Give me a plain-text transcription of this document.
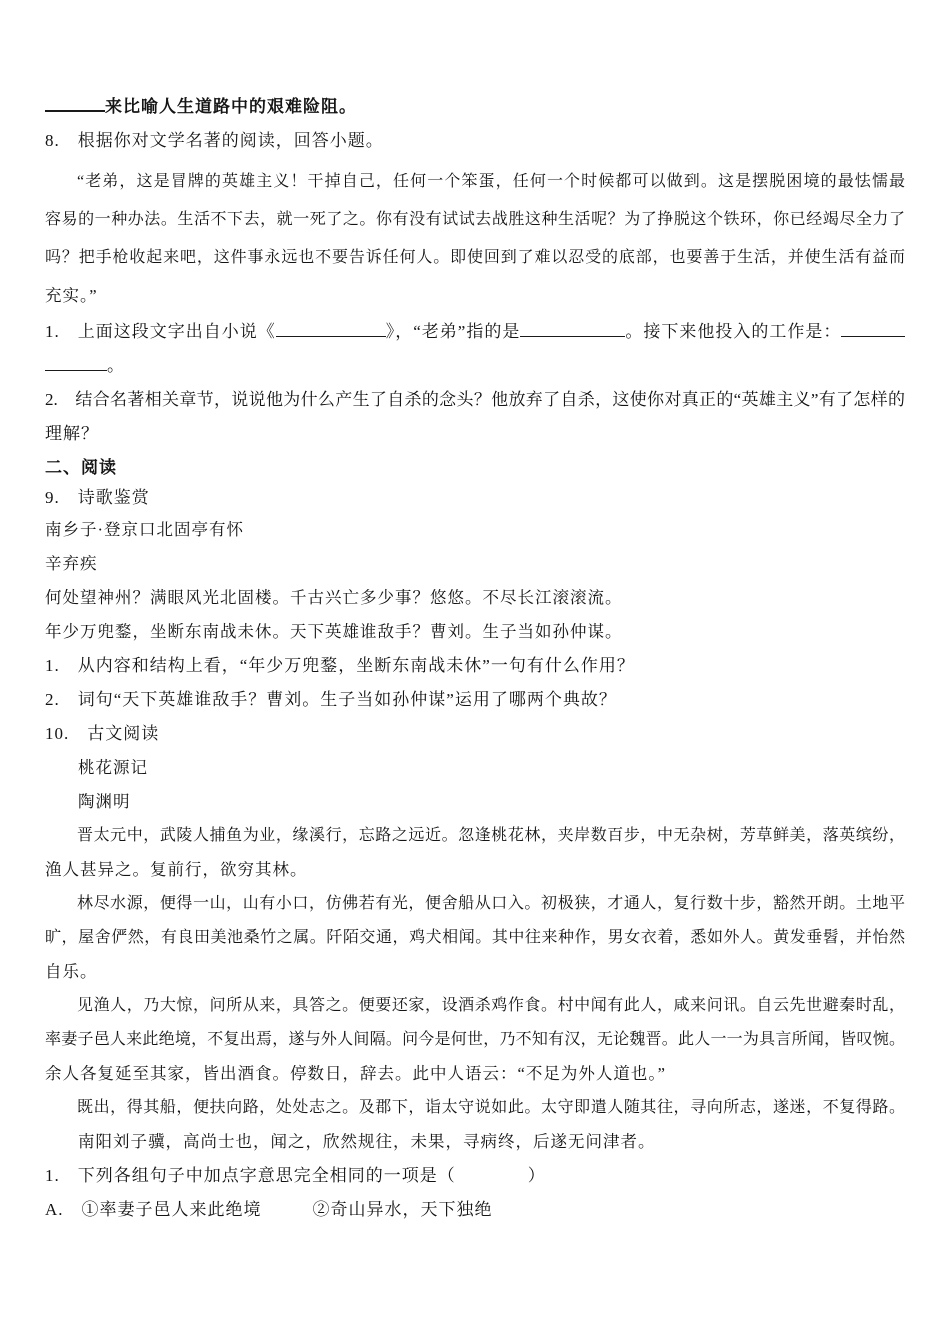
来比喻人生道路中的艰难险阻。
8.　根据你对文学名著的阅读，回答小题。
“老弟，这是冒牌的英雄主义！干掉自己，任何一个笨蛋，任何一个时候都可以做到。这是摆脱困境的最怯懦最
容易的一种办法。生活不下去，就一死了之。你有没有试试去战胜这种生活呢？为了挣脱这个铁环，你已经竭尽全力了
吗？把手枪收起来吧，这件事永远也不要告诉任何人。即使回到了难以忍受的底部，也要善于生活，并使生活有益而
充实。”
1.　上面这段文字出自小说《	》，“老弟”指的是	。接下来他投入的工作是：
。
2.　结合名著相关章节，说说他为什么产生了自杀的念头？他放弃了自杀，这使你对真正的“英雄主义”有了怎样的
理解？
二、阅读
9.　诗歌鉴赏
南乡子·登京口北固亭有怀
辛弃疾
何处望神州？满眼风光北固楼。千古兴亡多少事？悠悠。不尽长江滚滚流。
年少万兜鍪，坐断东南战未休。天下英雄谁敌手？曹刘。生子当如孙仲谋。
1.　从内容和结构上看，“年少万兜鍪，坐断东南战未休”一句有什么作用？
2.　词句“天下英雄谁敌手？曹刘。生子当如孙仲谋”运用了哪两个典故？
10.　古文阅读
桃花源记
陶渊明
晋太元中，武陵人捕鱼为业，缘溪行，忘路之远近。忽逢桃花林，夹岸数百步，中无杂树，芳草鲜美，落英缤纷，
渔人甚异之。复前行，欲穷其林。
林尽水源，便得一山，山有小口，仿佛若有光，便舍船从口入。初极狭，才通人，复行数十步，豁然开朗。土地平
旷，屋舍俨然，有良田美池桑竹之属。阡陌交通，鸡犬相闻。其中往来种作，男女衣着，悉如外人。黄发垂髫，并怡然
自乐。
见渔人，乃大惊，问所从来，具答之。便要还家，设酒杀鸡作食。村中闻有此人，咸来问讯。自云先世避秦时乱，
率妻子邑人来此绝境，不复出焉，遂与外人间隔。问今是何世，乃不知有汉，无论魏晋。此人一一为具言所闻，皆叹惋。
余人各复延至其家，皆出酒食。停数日，辞去。此中人语云：“不足为外人道也。”
既出，得其船，便扶向路，处处志之。及郡下，诣太守说如此。太守即遣人随其往，寻向所志，遂迷，不复得路。
南阳刘子骥，高尚士也，闻之，欣然规往，未果，寻病终，后遂无问津者。
1.　下列各组句子中加点字意思完全相同的一项是（　　　　）
A.　①率妻子邑人来此绝境	②奇山异水，天下独绝
